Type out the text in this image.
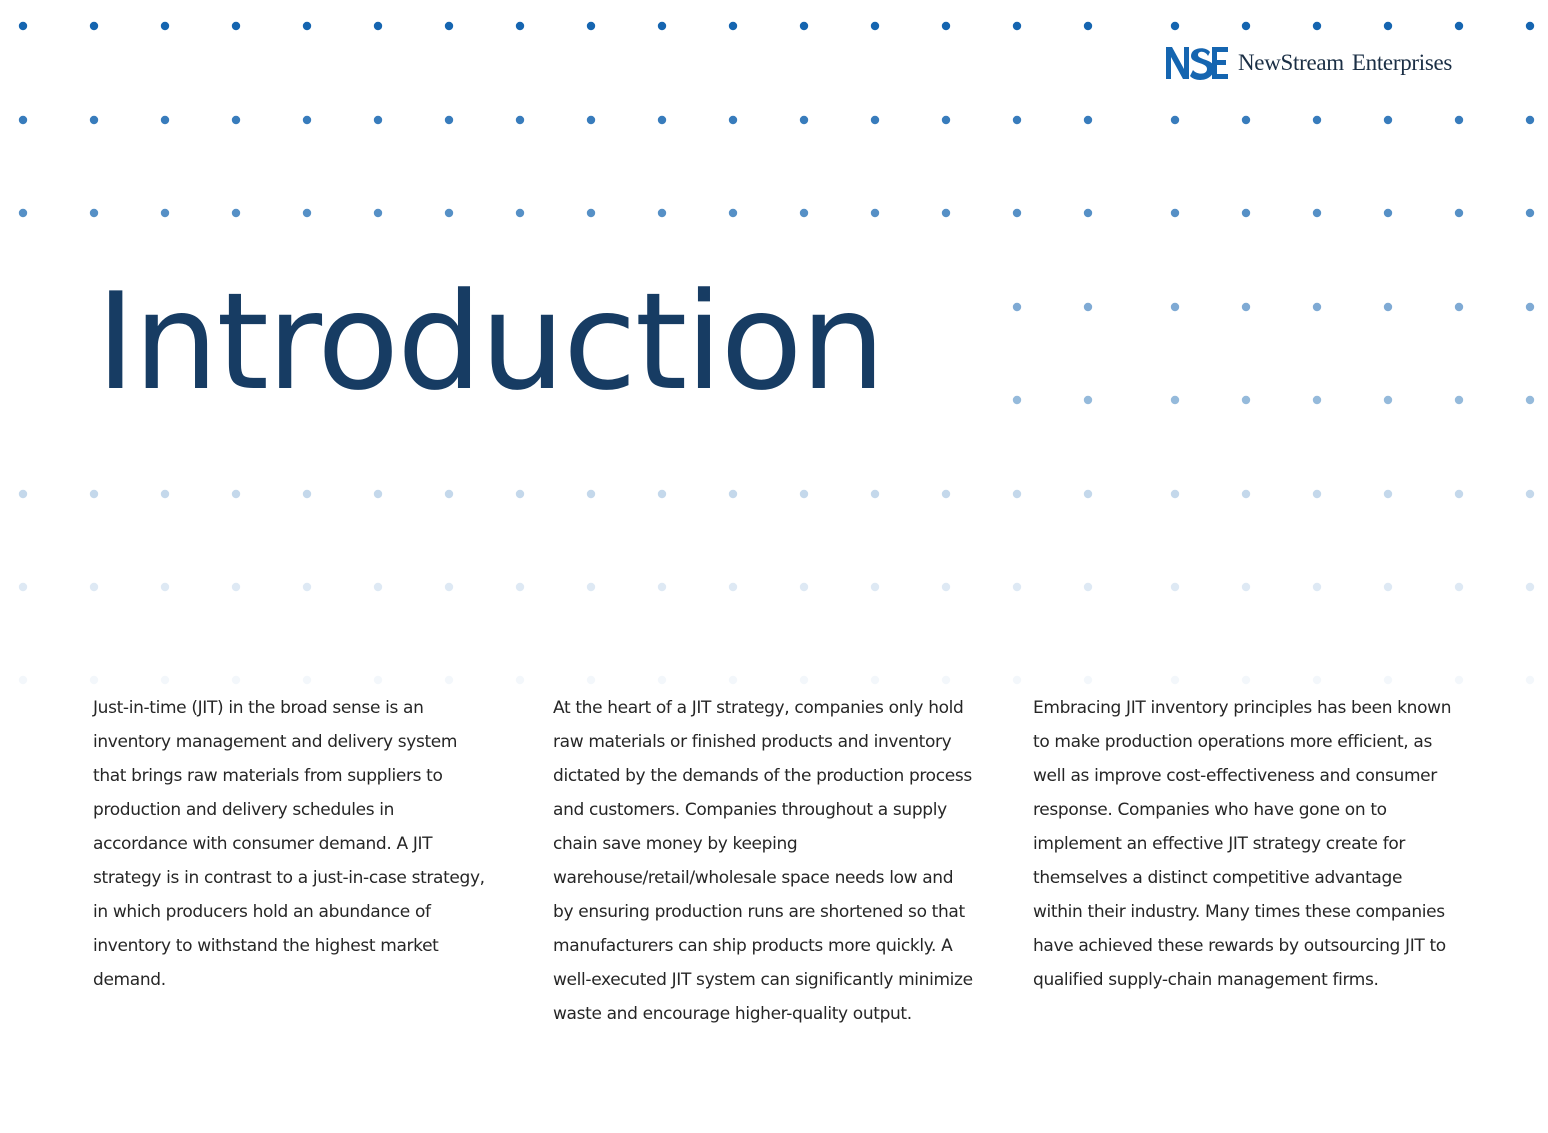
NewStream Enterprises
Introduction

Just-in-time (JIT) in the broad sense is an inventory management and delivery system that brings raw materials from suppliers to production and delivery schedules in accordance with consumer demand. A JIT strategy is in contrast to a just-in-case strategy, in which producers hold an abundance of inventory to withstand the highest market demand.

At the heart of a JIT strategy, companies only hold raw materials or finished products and inventory dictated by the demands of the production process and customers. Companies throughout a supply chain save money by keeping warehouse/retail/wholesale space needs low and by ensuring production runs are shortened so that manufacturers can ship products more quickly. A well-executed JIT system can significantly minimize waste and encourage higher-quality output.

Embracing JIT inventory principles has been known to make production operations more efficient, as well as improve cost-effectiveness and consumer response. Companies who have gone on to implement an effective JIT strategy create for themselves a distinct competitive advantage within their industry. Many times these companies have achieved these rewards by outsourcing JIT to qualified supply-chain management firms.
